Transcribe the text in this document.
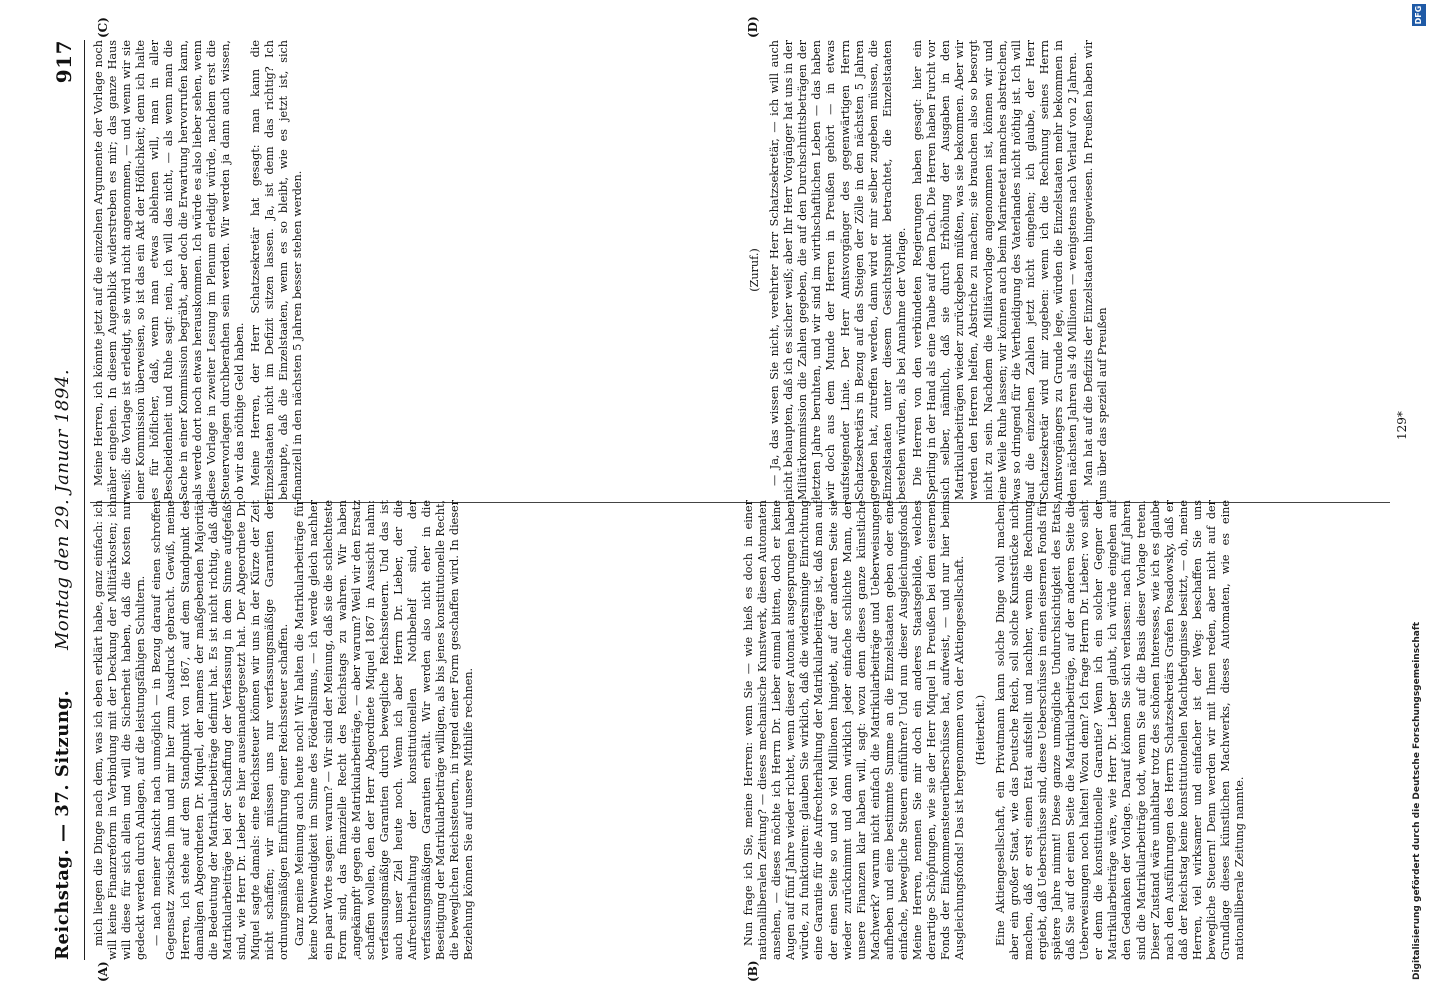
Reichstag. — 37. Sitzung.
Montag den 29. Januar 1894.
917
(A)	(B)
(C)	(D)

mich liegen die Dinge nach dem, was ich eben erklärt habe, ganz einfach: ich will keine Finanzreform in Verbindung mit der Deckung der Militärkosten; ich will diese für sich allein und will die Sicherheit haben, daß die Kosten nur gedeckt werden durch Anlagen, auf die leistungsfähigen Schultern. — nach meiner Ansicht nach unmöglich — in Bezug darauf einen schroffen Gegensatz zwischen ihm und mir hier zum Ausdruck gebracht. Gewiß, meine Herren, ich stehe auf dem Standpunkt von 1867, auf dem Standpunkt des damaligen Abgeordneten Dr. Miquel, der namens der maßgebenden Majorität die Bedeutung der Matrikularbeiträge definirt hat. Es ist nicht richtig, daß die Matrikularbeiträge bei der Schaffung der Verfassung in dem Sinne aufgefaßt sind, wie Herr Dr. Lieber es hier auseinandergesetzt hat. Der Abgeordnete Dr. Miquel sagte damals: eine Reichssteuer können wir uns in der Kürze der Zeit nicht schaffen; wir müssen uns nur verfassungsmäßige Garantien der ordnungsmäßigen Einführung einer Reichssteuer schaffen. Ganz meine Meinung auch heute noch! Wir halten die Matrikularbeiträge für keine Nothwendigkeit im Sinne des Föderalismus, — ich werde gleich nachher ein paar Worte sagen: warum? — Wir sind der Meinung, daß sie die schlechteste Form sind, das finanzielle Recht des Reichstags zu wahren. Wir haben ‚angekämpft' gegen die Matrikularbeiträge, — aber warum? Weil wir den Ersatz schaffen wollen, den der Herr Abgeordnete Miquel 1867 in Aussicht nahm: verfassungsmäßige Garantien durch bewegliche Reichssteuern. Und das ist auch unser Ziel heute noch. Wenn ich aber Herrn Dr. Lieber, der die Aufrechterhaltung der konstitutionellen Nothbehelf sind, der verfassungsmäßigen Garantien erhält. Wir werden also nicht eher in die Beseitigung der Matrikularbeiträge willigen, als bis jenes konstitutionelle Recht, die beweglichen Reichssteuern, in irgend einer Form geschaffen wird. In dieser Beziehung können Sie auf unsere Mithilfe rechnen.	Nun frage ich Sie, meine Herren: wenn Sie — wie hieß es doch in einer nationalliberalen Zeitung? — dieses mechanische Kunstwerk, diesen Automaten ansehen, — dieses möchte ich Herrn Dr. Lieber einmal bitten, doch er keine Augen auf fünf Jahre wieder richtet, wenn dieser Automat ausgesprungen haben würde, zu funktioniren: glauben Sie wirklich, daß die widersinnige Einrichtung eine Garantie für die Aufrechterhaltung der Matrikularbeiträge ist, daß man auf der einen Seite so und so viel Millionen hingiebt, auf der anderen Seite sie wieder zurücknimmt und dann wirklich jeder einfache schlichte Mann, der unsere Finanzen klar haben will, sagt: wozu denn dieses ganze künstliche Machwerk? warum nicht einfach die Matrikularbeiträge und Ueberweisungen aufheben und eine bestimmte Summe an die Einzelstaaten geben oder eine einfache, bewegliche Steuern einführen? Und nun dieser Ausgleichungsfonds! Meine Herren, nennen Sie mir doch ein anderes Staatsgebilde, welches derartige Schöpfungen, wie sie der Herr Miquel in Preußen bei dem eisernen Fonds der Einkommensteuerüberschüsse hat, aufweist, — und nur hier beim Ausgleichungsfonds! Das ist hergenommen von der Aktiengesellschaft. (Heiterkeit.) Eine Aktiengesellschaft, ein Privatmann kann solche Dinge wohl machen; aber ein großer Staat, wie das Deutsche Reich, soll solche Kunststücke nicht machen, daß er erst einen Etat aufstellt und nachher, wenn die Rechnung ergiebt, daß Ueberschüsse sind, diese Ueberschüsse in einen eisernen Fonds für spätere Jahre nimmt! Diese ganze unmögliche Undurchsichtigkeit des Etats, daß Sie auf der einen Seite die Matrikularbeiträge, auf der anderen Seite die Ueberweisungen noch halten! Wozu denn? Ich frage Herrn Dr. Lieber: wo sieht er denn die konstitutionelle Garantie? Wenn ich ein solcher Gegner der Matrikularbeiträge wäre, wie Herr Dr. Lieber glaubt, ich würde eingehen auf den Gedanken der Vorlage. Darauf können Sie sich verlassen: nach fünf Jahren sind die Matrikularbeiträge todt, wenn Sie auf die Basis dieser Vorlage treten. Dieser Zustand wäre unhaltbar trotz des schönen Interesses, wie ich es glaube nach den Ausführungen des Herrn Schatzsekretärs Grafen Posadowsky, daß er daß der Reichstag keine konstitutionellen Machtbefugnisse besitzt, — oh, meine Herren, viel wirksamer und einfacher ist der Weg: beschaffen Sie uns bewegliche Steuern! Denn werden wir mit Ihnen reden, aber nicht auf der Grundlage dieses künstlichen Machwerks, dieses Automaten, wie es eine nationalliberale Zeitung nannte.

Meine Herren, ich könnte jetzt auf die einzelnen Argumente der Vorlage noch näher eingehen. In diesem Augenblick widerstreben es mir; das ganze Haus weiß: die Vorlage ist erledigt, sie wird nicht angenommen, — und wenn wir sie einer Kommission überweisen, so ist das ein Akt der Höflichkeit; denn ich halte es für höflicher, daß, wenn man etwas ablehnen will, man in aller Bescheidenheit und Ruhe sagt: nein, ich will das nicht, — als wenn man die Sache in einer Kommission begräbt, aber doch die Erwartung hervorrufen kann, als werde dort noch etwas herauskommen. Ich würde es also lieber sehen, wenn diese Vorlage in zweiter Lesung im Plenum erledigt würde, nachdem erst die Steuervorlagen durchberathen sein werden. Wir werden ja dann auch wissen, ob wir das nöthige Geld haben. Meine Herren, der Herr Schatzsekretär hat gesagt: man kann die Einzelstaaten nicht im Defizit sitzen lassen. Ja, ist denn das richtig? Ich behaupte, daß die Einzelstaaten, wenn es so bleibt, wie es jetzt ist, sich finanziell in den nächsten 5 Jahren besser stehen werden.	(Zuruf.) — Ja, das wissen Sie nicht, verehrter Herr Schatzsekretär, — ich will auch nicht behaupten, daß ich es sicher weiß; aber Ihr Herr Vorgänger hat uns in der Militärkommission die Zahlen gegeben, die auf den Durchschnittsbeträgen der letzten Jahre beruhten, und wir sind im wirthschaftlichen Leben — das haben wir doch aus dem Munde der Herren in Preußen gehört — in etwas aufsteigender Linie. Der Herr Amtsvorgänger des gegenwärtigen Herrn Schatzsekretärs in Bezug auf das Steigen der Zölle in den nächsten 5 Jahren gegeben hat, zutreffen werden, dann wird er mir selber zugeben müssen, die Einzelstaaten unter diesem Gesichtspunkt betrachtet, die Einzelstaaten bestehen würden, als bei Annahme der Vorlage. Die Herren von den verbündeten Regierungen haben gesagt: hier ein Sperling in der Hand als eine Taube auf dem Dach. Die Herren haben Furcht vor sich selber, nämlich, daß sie durch Erhöhung der Ausgaben in den Matrikularbeiträgen wieder zurückgeben müßten, was sie bekommen. Aber wir werden den Herren helfen, Abstriche zu machen; sie brauchen also so besorgt nicht zu sein. Nachdem die Militärvorlage angenommen ist, können wir und eine Weile Ruhe lassen; wir können auch beim Marineetat manches abstreichen, was so dringend für die Vertheidigung des Vaterlandes nicht nöthig ist. Ich will auf die einzelnen Zahlen jetzt nicht eingehen; ich glaube, der Herr Schatzsekretär wird mir zugeben: wenn ich die Rechnung seines Herrn Amtsvorgängers zu Grunde lege, würden die Einzelstaaten mehr bekommen in den nächsten Jahren als 40 Millionen — wenigstens nach Verlauf von 2 Jahren. Man hat auf die Defizits der Einzelstaaten hingewiesen. In Preußen haben wir uns über das speziell auf Preußen	129*
Digitalisierung gefördert durch die Deutsche Forschungsgemeinschaft
DFG
